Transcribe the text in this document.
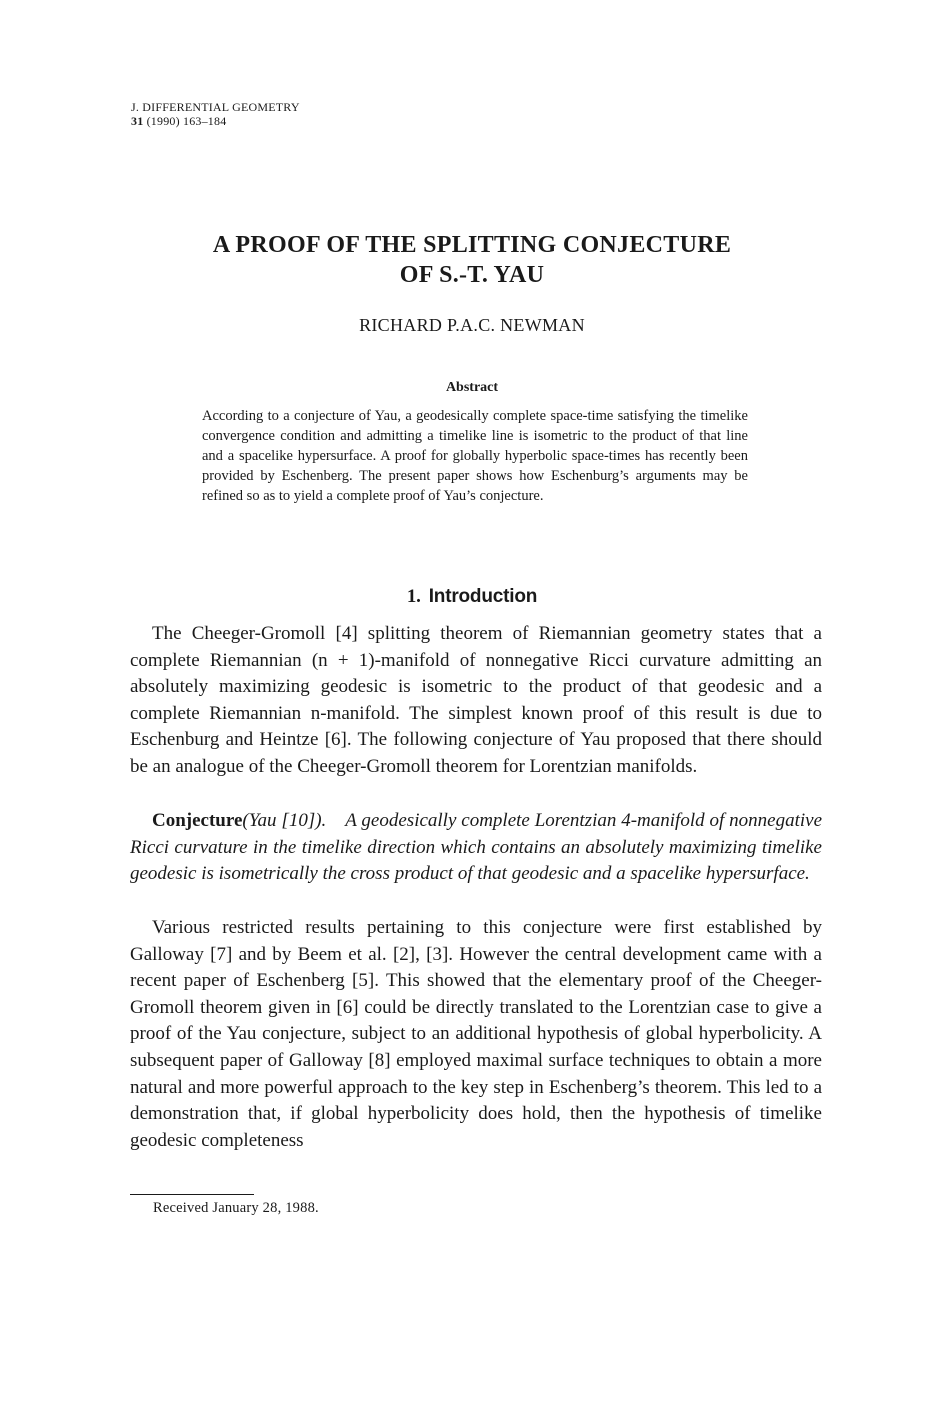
J. DIFFERENTIAL GEOMETRY
31 (1990) 163–184
A PROOF OF THE SPLITTING CONJECTURE
OF S.-T. YAU
RICHARD P.A.C. NEWMAN
Abstract
According to a conjecture of Yau, a geodesically complete space-time satisfying the timelike convergence condition and admitting a timelike line is isometric to the product of that line and a spacelike hypersurface. A proof for globally hyperbolic space-times has recently been provided by Eschenberg. The present paper shows how Eschenburg’s arguments may be refined so as to yield a complete proof of Yau’s conjecture.
1. Introduction
The Cheeger-Gromoll [4] splitting theorem of Riemannian geometry states that a complete Riemannian (n + 1)-manifold of nonnegative Ricci curvature admitting an absolutely maximizing geodesic is isometric to the product of that geodesic and a complete Riemannian n-manifold. The simplest known proof of this result is due to Eschenburg and Heintze [6]. The following conjecture of Yau proposed that there should be an analogue of the Cheeger-Gromoll theorem for Lorentzian manifolds.
Conjecture(Yau [10]).  A geodesically complete Lorentzian 4-manifold of nonnegative Ricci curvature in the timelike direction which contains an absolutely maximizing timelike geodesic is isometrically the cross product of that geodesic and a spacelike hypersurface.
Various restricted results pertaining to this conjecture were first established by Galloway [7] and by Beem et al. [2], [3]. However the central development came with a recent paper of Eschenberg [5]. This showed that the elementary proof of the Cheeger-Gromoll theorem given in [6] could be directly translated to the Lorentzian case to give a proof of the Yau conjecture, subject to an additional hypothesis of global hyperbolicity. A subsequent paper of Galloway [8] employed maximal surface techniques to obtain a more natural and more powerful approach to the key step in Eschenberg’s theorem. This led to a demonstration that, if global hyperbolicity does hold, then the hypothesis of timelike geodesic completeness
Received January 28, 1988.
